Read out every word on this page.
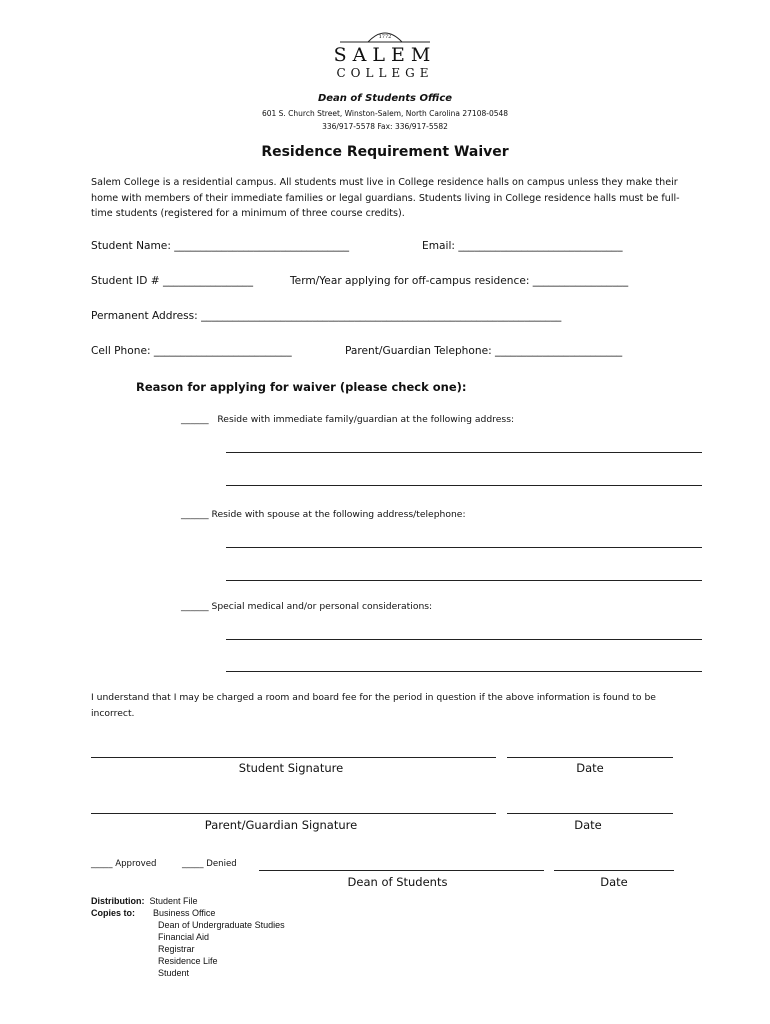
1772
SALEM
COLLEGE
Dean of Students Office
601 S. Church Street, Winston-Salem, North Carolina 27108-0548
336/917-5578 Fax: 336/917-5582
Residence Requirement Waiver
Salem College is a residential campus. All students must live in College residence halls on campus unless they make their home with members of their immediate families or legal guardians. Students living in College residence halls must be full-time students (registered for a minimum of three course credits).
Student Name: _________________________________	Email: _______________________________
Student ID # _________________	Term/Year applying for off-campus residence: __________________
Permanent Address: ____________________________________________________________________
Cell Phone: __________________________	Parent/Guardian Telephone: ________________________
Reason for applying for waiver (please check one):
______   Reside with immediate family/guardian at the following address:
______ Reside with spouse at the following address/telephone:
______ Special medical and/or personal considerations:
I understand that I may be charged a room and board fee for the period in question if the above information is found to be incorrect.
Student Signature	Date
Parent/Guardian Signature	Date
_____ Approved	_____ Denied
Dean of Students	Date
Distribution: Student File
Copies to: Business Office
Dean of Undergraduate Studies
Financial Aid
Registrar
Residence Life
Student
